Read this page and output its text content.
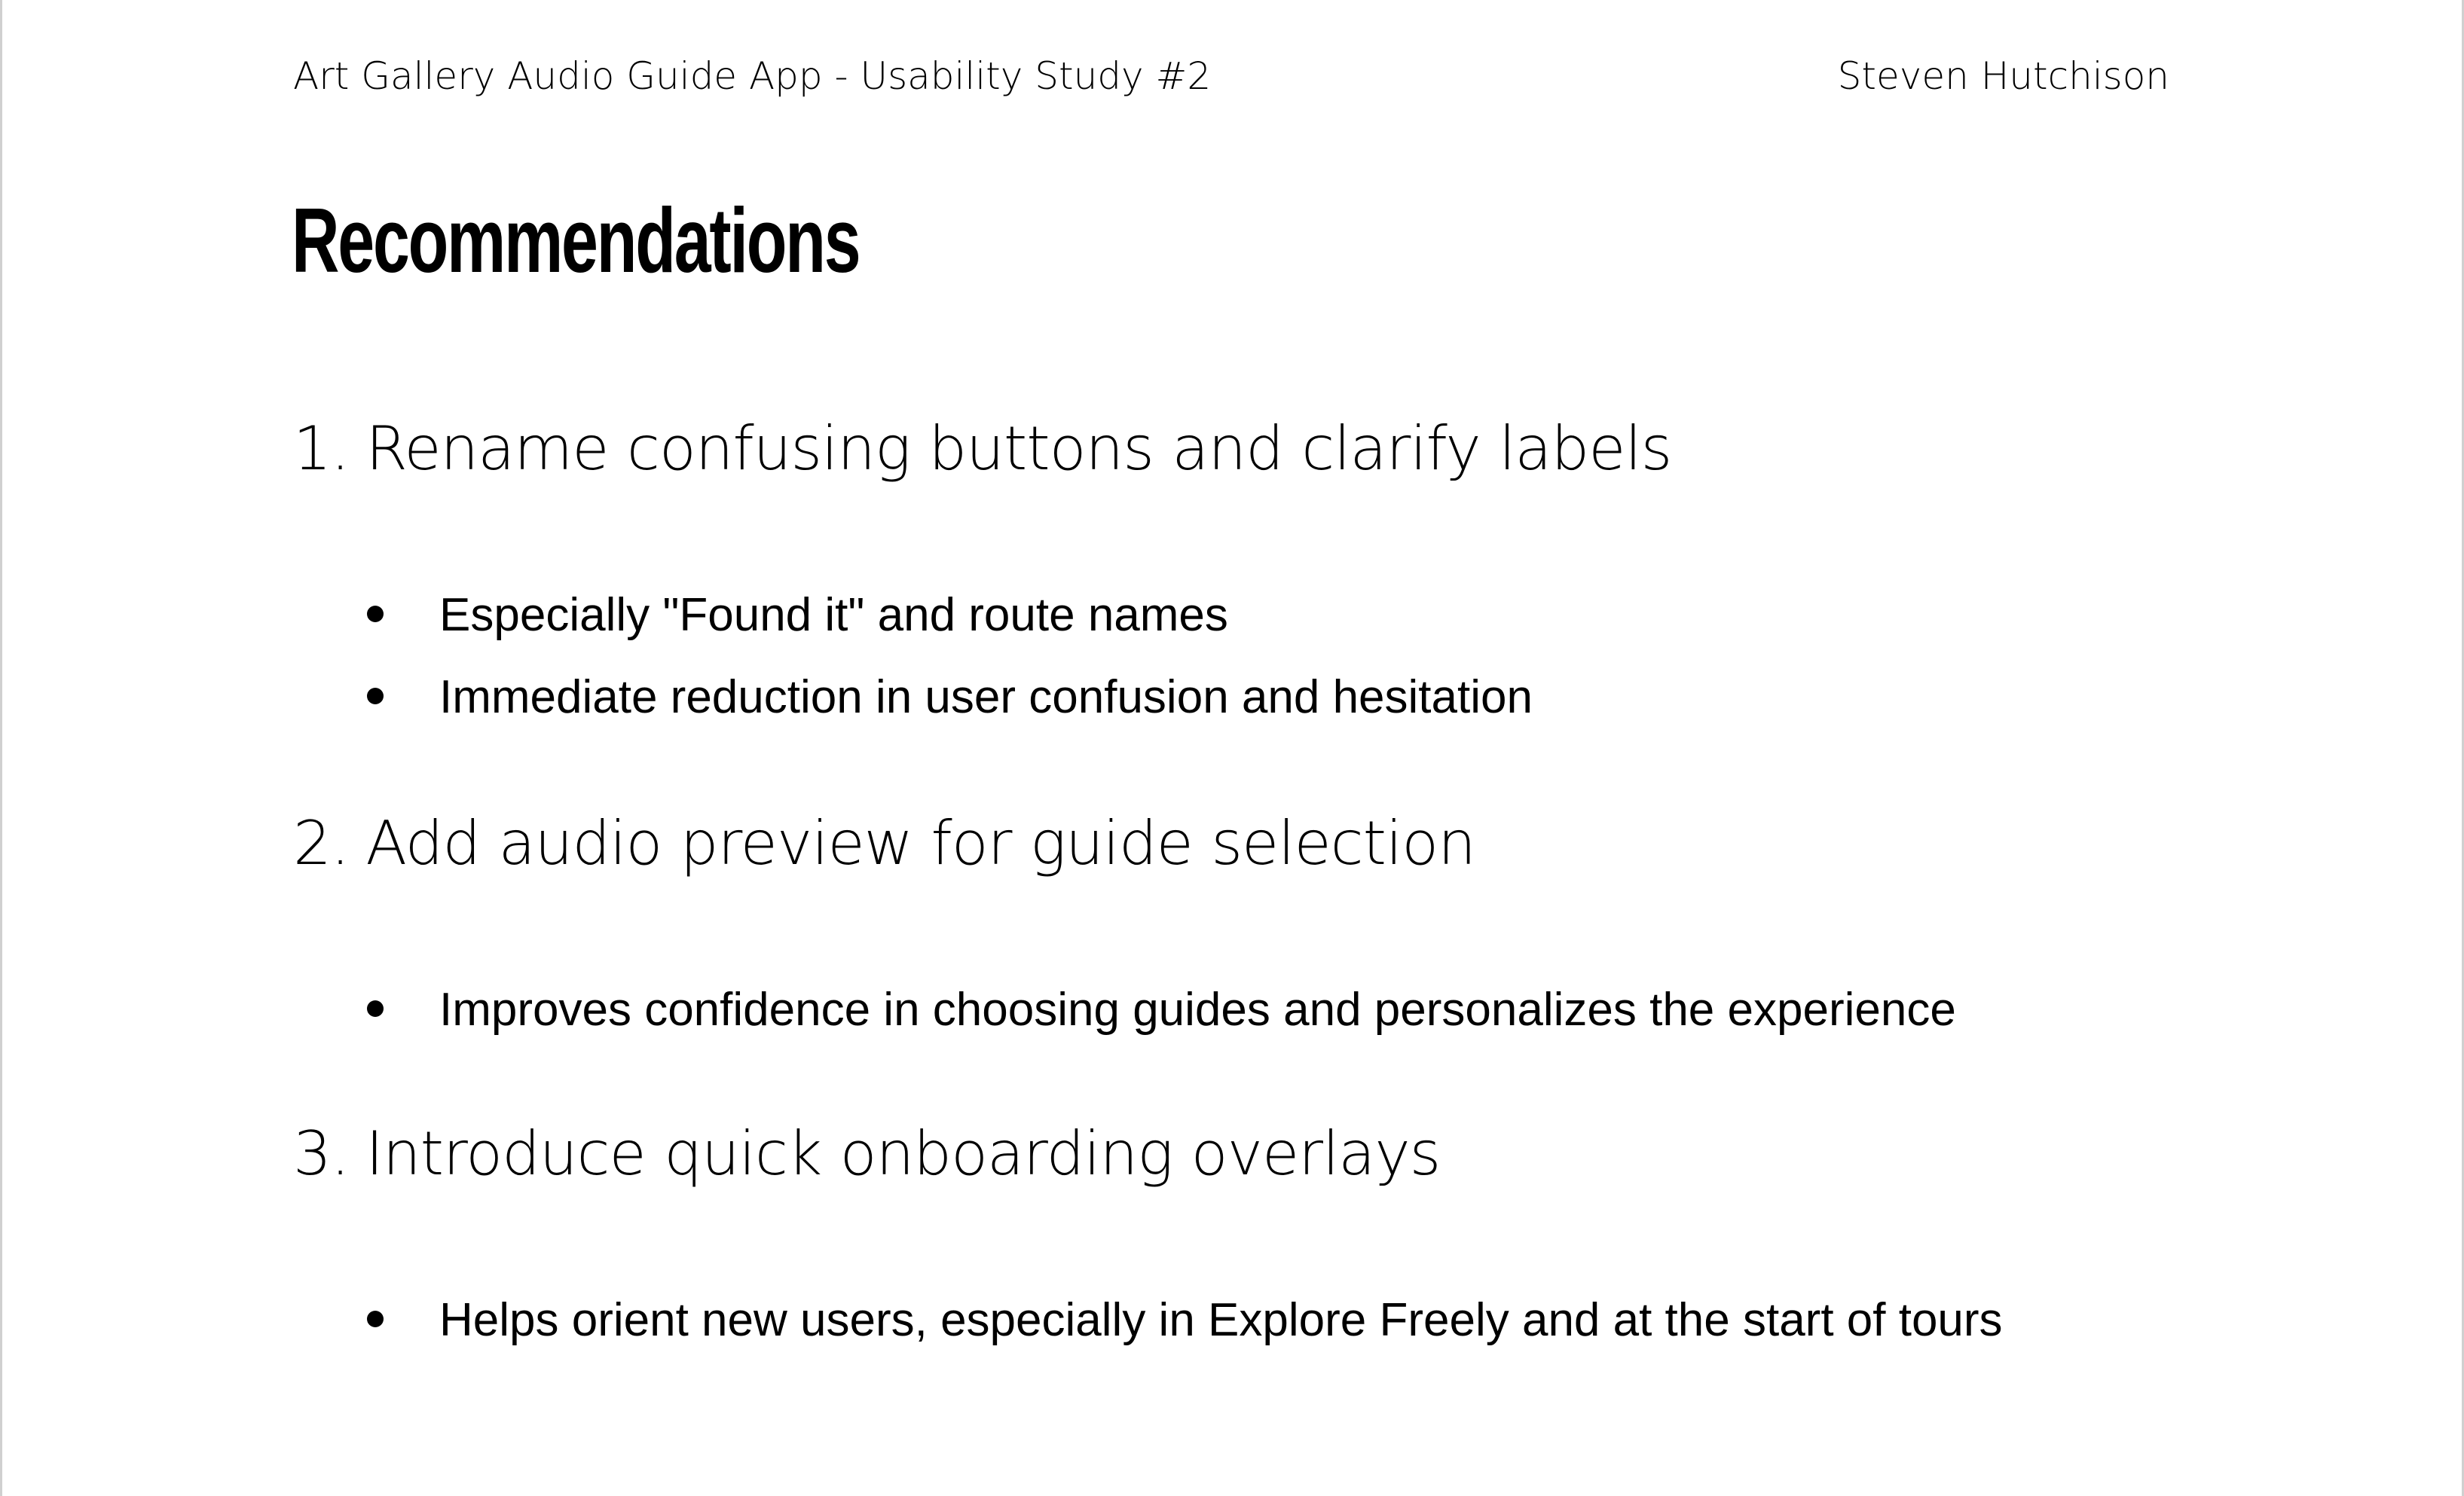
Art Gallery Audio Guide App - Usability Study #2	Steven Hutchison
Recommendations
1. Rename confusing buttons and clarify labels
Especially "Found it" and route names
Immediate reduction in user confusion and hesitation
2. Add audio preview for guide selection
Improves confidence in choosing guides and personalizes the experience
3. Introduce quick onboarding overlays
Helps orient new users, especially in Explore Freely and at the start of tours
